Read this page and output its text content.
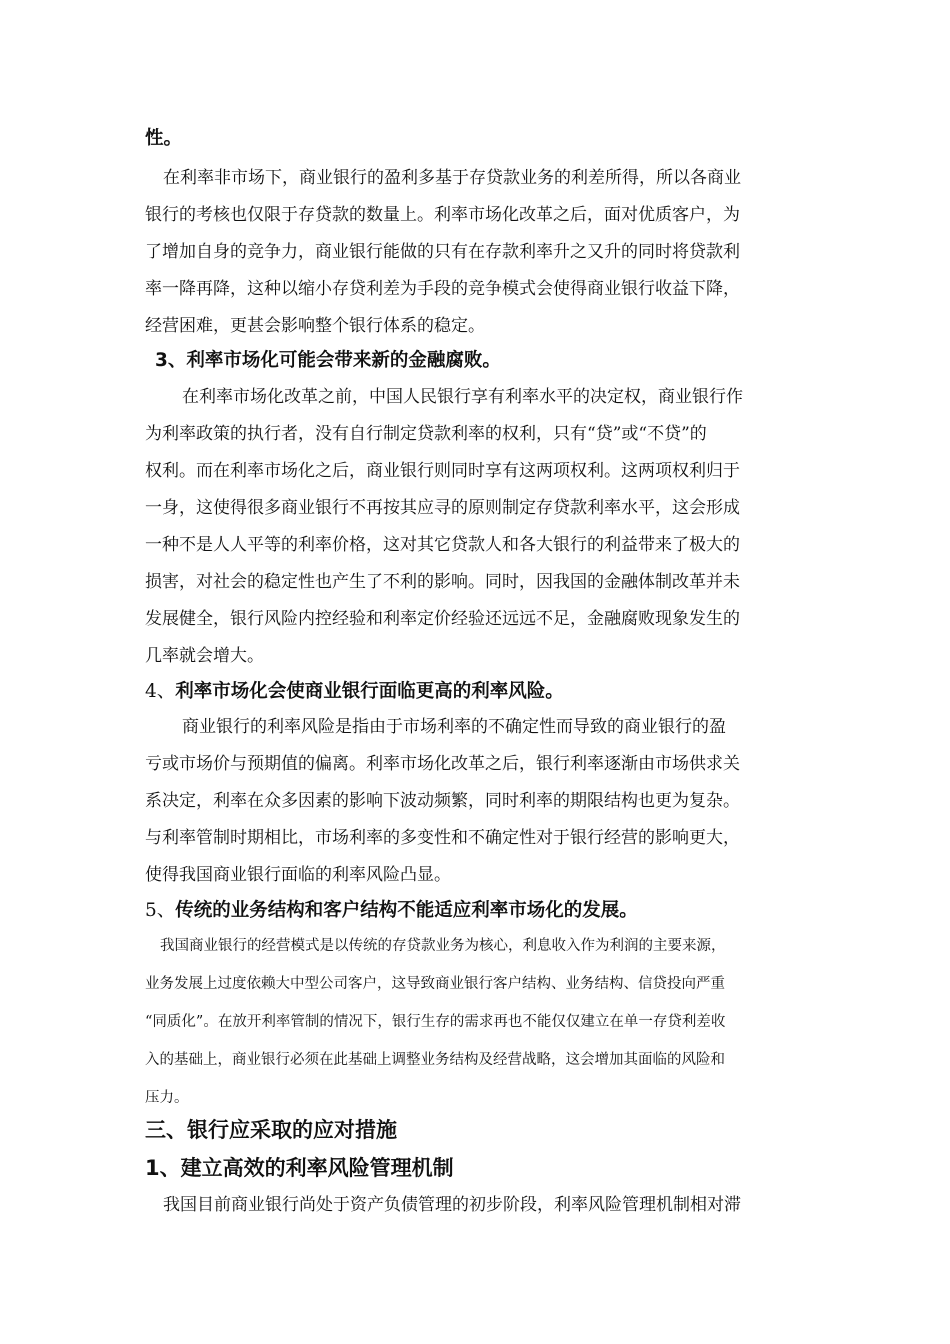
性。
在利率非市场下，商业银行的盈利多基于存贷款业务的利差所得，所以各商业
银行的考核也仅限于存贷款的数量上。利率市场化改革之后，面对优质客户，为
了增加自身的竞争力，商业银行能做的只有在存款利率升之又升的同时将贷款利
率一降再降，这种以缩小存贷利差为手段的竞争模式会使得商业银行收益下降，
经营困难，更甚会影响整个银行体系的稳定。
3、利率市场化可能会带来新的金融腐败。
在利率市场化改革之前，中国人民银行享有利率水平的决定权，商业银行作
为利率政策的执行者，没有自行制定贷款利率的权利，只有“贷”或“不贷”的
权利。而在利率市场化之后，商业银行则同时享有这两项权利。这两项权利归于
一身，这使得很多商业银行不再按其应寻的原则制定存贷款利率水平，这会形成
一种不是人人平等的利率价格，这对其它贷款人和各大银行的利益带来了极大的
损害，对社会的稳定性也产生了不利的影响。同时，因我国的金融体制改革并未
发展健全，银行风险内控经验和利率定价经验还远远不足，金融腐败现象发生的
几率就会增大。
4、利率市场化会使商业银行面临更高的利率风险。
商业银行的利率风险是指由于市场利率的不确定性而导致的商业银行的盈
亏或市场价与预期值的偏离。利率市场化改革之后，银行利率逐渐由市场供求关
系决定，利率在众多因素的影响下波动频繁，同时利率的期限结构也更为复杂。
与利率管制时期相比，市场利率的多变性和不确定性对于银行经营的影响更大，
使得我国商业银行面临的利率风险凸显。
5、传统的业务结构和客户结构不能适应利率市场化的发展。
我国商业银行的经营模式是以传统的存贷款业务为核心，利息收入作为利润的主要来源，
业务发展上过度依赖大中型公司客户，这导致商业银行客户结构、业务结构、信贷投向严重
“同质化”。在放开利率管制的情况下，银行生存的需求再也不能仅仅建立在单一存贷利差收
入的基础上，商业银行必须在此基础上调整业务结构及经营战略，这会增加其面临的风险和
压力。
三、银行应采取的应对措施
1、建立高效的利率风险管理机制
我国目前商业银行尚处于资产负债管理的初步阶段，利率风险管理机制相对滞
